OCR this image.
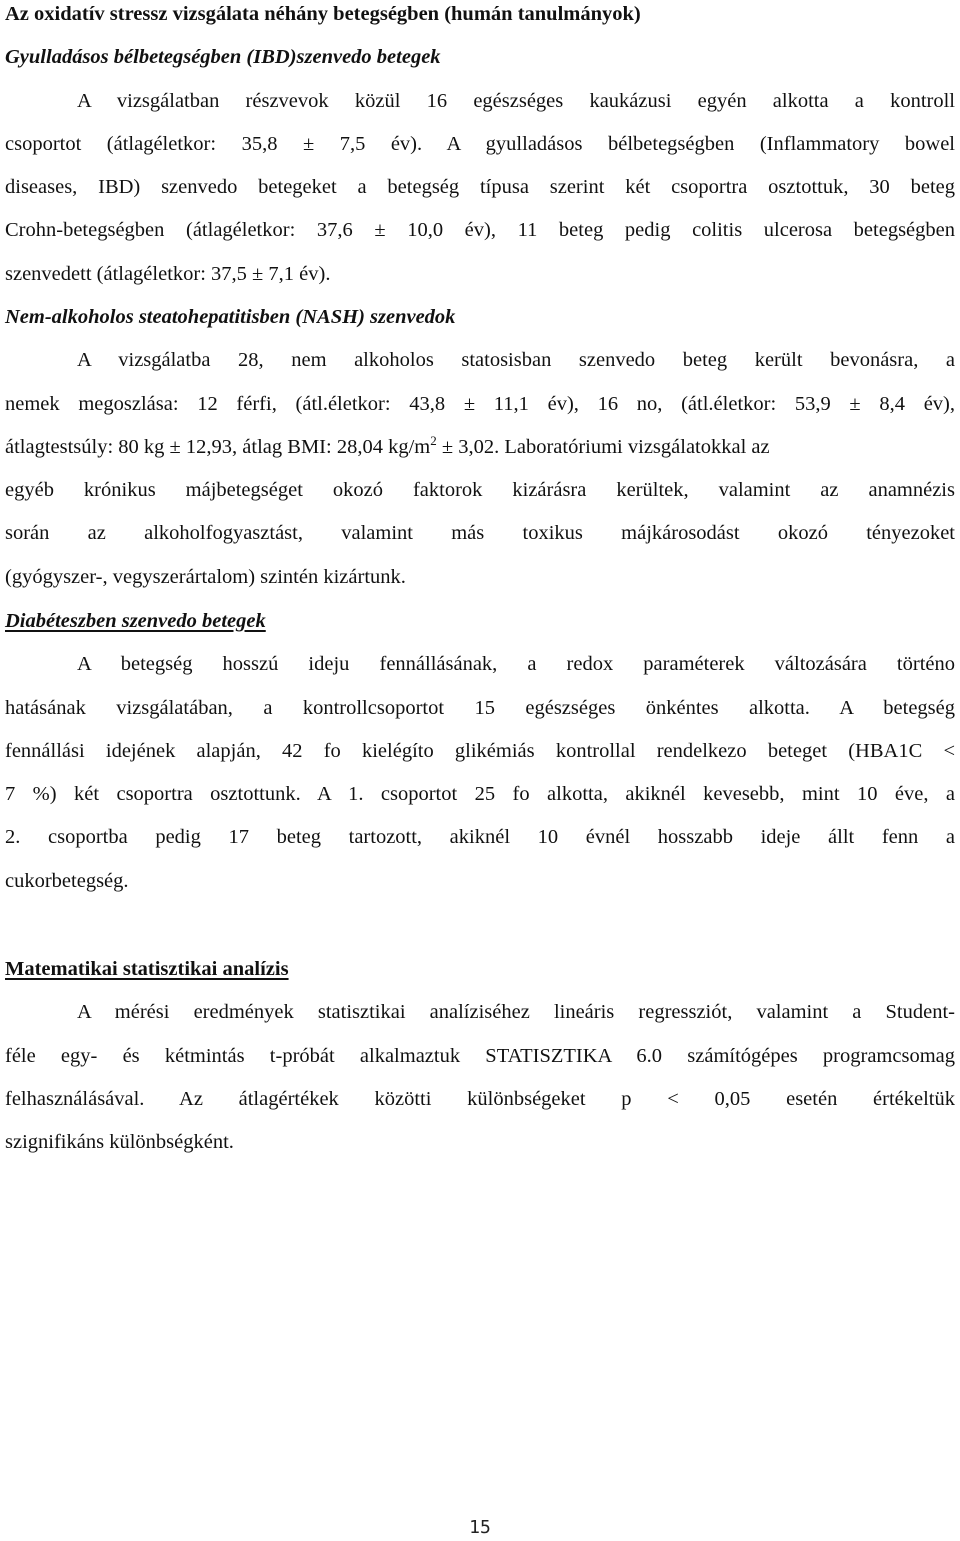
Az oxidatív stressz vizsgálata néhány betegségben (humán tanulmányok)
Gyulladásos bélbetegségben (IBD)szenvedo betegek
A vizsgálatban részvevok közül 16 egészséges kaukázusi egyén alkotta a kontroll
csoportot (átlagéletkor: 35,8 ± 7,5 év). A gyulladásos bélbetegségben (Inflammatory bowel
diseases, IBD) szenvedo betegeket a betegség típusa szerint két csoportra osztottuk, 30 beteg
Crohn-betegségben (átlagéletkor: 37,6 ± 10,0 év), 11 beteg pedig colitis ulcerosa betegségben
szenvedett (átlagéletkor: 37,5 ± 7,1 év).
Nem-alkoholos steatohepatitisben (NASH) szenvedok
A vizsgálatba 28, nem alkoholos statosisban szenvedo beteg került bevonásra, a
nemek megoszlása: 12 férfi, (átl.életkor: 43,8 ± 11,1 év), 16 no, (átl.életkor: 53,9 ± 8,4 év),
átlagtestsúly: 80 kg ± 12,93, átlag BMI: 28,04 $kg/m^2 \pm 3,02$. Laboratóriumi vizsgálatokkal az
egyéb krónikus májbetegséget okozó faktorok kizárásra kerültek, valamint az anamnézis
során az alkoholfogyasztást, valamint más toxikus májkárosodást okozó tényezoket
(gyógyszer-, vegyszerártalom) szintén kizártunk.
Diabéteszben szenvedo betegek
A betegség hosszú ideju fennállásának, a redox paraméterek változására történo
hatásának vizsgálatában, a kontrollcsoportot 15 egészséges önkéntes alkotta. A betegség
fennállási idejének alapján, 42 fo kielégíto glikémiás kontrollal rendelkezo beteget (HBA1C <
7 %) két csoportra osztottunk. A 1. csoportot 25 fo alkotta, akiknél kevesebb, mint 10 éve, a
2. csoportba pedig 17 beteg tartozott, akiknél 10 évnél hosszabb ideje állt fenn a
cukorbetegség.
Matematikai statisztikai analízis
A mérési eredmények statisztikai analíziséhez lineáris regressziót, valamint a Student-
féle egy- és kétmintás t-próbát alkalmaztuk STATISZTIKA 6.0 számítógépes programcsomag
felhasználásával. Az átlagértékek közötti különbségeket p < 0,05 esetén értékeltük
szignifikáns különbségként.
15
